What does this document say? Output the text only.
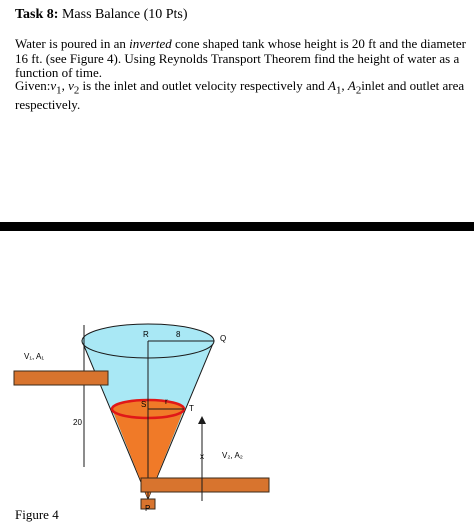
Task 8: Mass Balance (10 Pts)
Water is poured in an inverted cone shaped tank whose height is 20 ft and the diameter 16 ft. (see Figure 4). Using Reynolds Transport Theorem find the height of water as a function of time.
$Given:v_1$, $v_2$ is the inlet and outlet velocity respectively and $A_1$, $A_2inlet$ and outlet area respectively.
V₁, A₁
R	8	Q
20
S r
T
x V₂, A₂
P
Figure 4
